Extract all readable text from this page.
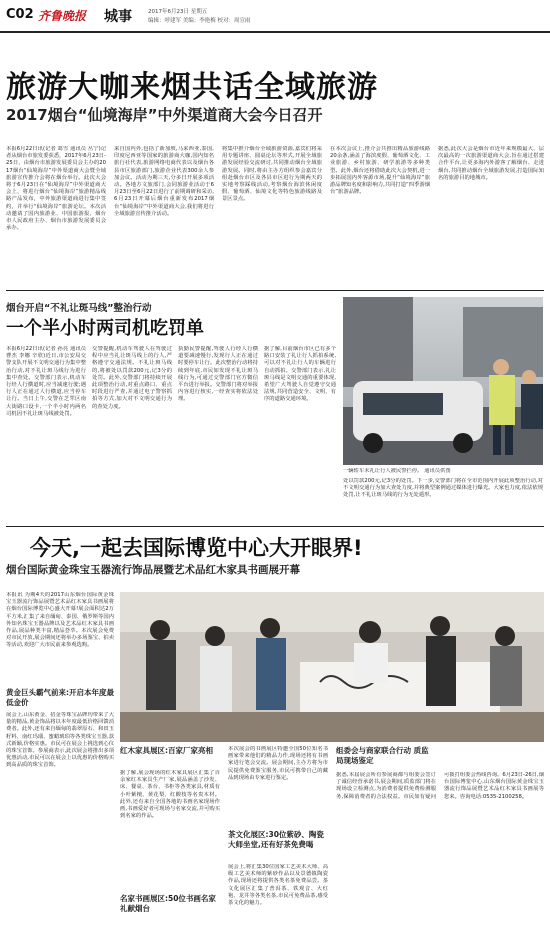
C02 齐鲁晚报 城事	2017年6月23日 星期五
编辑：呼建军 美编：李艳梅 校对：周宣雨
旅游大咖来烟共话全域旅游
2017烟台“仙境海岸”中外渠道商大会今日召开
本报6月22日讯(记者 葛雪 通讯员 丛宁)记者从烟台市旅发委获悉，2017年6月23日-25日，由烟台市旅游发展委员会主办的2017烟台“仙境海岸”中外渠道商大会暨全域旅游宣传推介会将在烟台举行。此次大会将于6月23日在“仙境海岸”中外渠道商大会上，将进行烟台“仙境海岸”旅游精品线路产品发布，中外旅游渠道商进行集中签约，并举行“仙境海岸”旅游论坛。本次活动邀请了国内旅游业、中国旅游报、烟台市人民政府主办、烟台市旅游发展委员会承办。
来自国内外,包括了新加坡,马来西亚,泰国,印度尼西亚等国家的旅游商大咖,国内知名旅行社代表,旅游网络电商代表以及烟台各县市区旅游部门,旅游企业代表300余人参加会议。活动为期三天,分多日开展多项活动。各地方文旅部门,会同旅游业活动于6月23日至6月22日进行了前期调研和采访,6月23日开幕后烟台重新发布2017烟台“仙境海岸”中外渠道商大会,我们将进行全域旅游宣传推介活动。
将集中推介烟台全域旅游资源,嘉宾们将采用专题讲座、圆桌论坛等形式,开展全域旅游发展经验交流研讨,共同推动烟台全域旅游发展。同时,将由主办方组织参会嘉宾分组赴烟台市区及各县市区进行为期两天的实地考察踩线活动,考察烟台海滨休闲度假、葡萄酒、仙境文化等特色旅游线路及景区景点。
在本次会议上,推介会共推出精品旅游线路20余条,涵盖了海滨度假、葡萄酒文化、工业旅游、乡村旅游、研学旅游等多种类型。此外,烟台还将借助此次大会契机,进一步拓展国内外客源市场,提升“仙境海岸”旅游品牌知名度和影响力,共同打造“四季游烟台”旅游品牌。
据悉,此次大会是烟台市近年来规模最大、层次最高的一次旅游渠道商大会,旨在通过搭建合作平台,让更多海内外游客了解烟台、走进烟台,共同推动烟台全域旅游发展,打造国际知名的旅游目的地城市。
烟台开启“不礼让斑马线”整治行动
一个半小时两司机吃罚单
本报6月22日讯(记者 孙亮 通讯员 曹杰 李娜 辛欣)近日,市公安局交警支队开展不文明交通行为集中整治行动,对不礼让斑马线行为进行集中查处。交警部门表示,机动车行经人行横道时,应当减速行驶;遇行人正在通过人行横道,应当停车让行。当日上午,交警在芝罘区南大街路口设卡,一个半小时内两名司机因不礼让斑马线被处罚。
交警提醒,机动车驾驶人在驾驶过程中应当礼让斑马线上的行人,严格遵守交通法规。不礼让斑马线的,将被处以罚款200元,记3分的处罚。此外,交警部门将持续开展此项整治行动,对重点路口、重点时段进行严查,并通过电子警察抓拍等方式,加大对不文明交通行为的查处力度。
执勤民警提醒,驾驶人行经人行横道要减速慢行,发现行人正在通过时要停车让行。此次整治行动将持续到年底,市民如发现不礼让斑马线行为,可通过交警部门官方微信平台进行举报。交警部门将对举报内容进行核实,一经查实将依法处理。
据了解,目前烟台市区已有多个路口安装了礼让行人抓拍系统,可以对不礼让行人的车辆进行自动抓拍。交警部门表示,礼让斑马线是文明交通的重要体现,希望广大驾驶人自觉遵守交通法规,共同营造安全、文明、有序的道路交通环境。
一辆轿车未礼让行人被民警拦停。 通讯员供图
处以罚款200元,记3分的处罚。下一步,交警部门将在全市范围内开展此项整治行动,对不文明交通行为加大查处力度,并将典型案例通过媒体进行曝光。大家也力度,依法依规处罚,让不礼让斑马线的行为无处遁形。
今天,一起去国际博览中心大开眼界!
烟台国际黄金珠宝玉器流行饰品展暨艺术品红木家具书画展开幕
本报讯 为期4天的2017山东烟台国际黄金珠宝玉器流行饰品展暨艺术品红木家具书画展将在烟台国际博览中心盛大开幕!展会面积达2万平方米,汇集了来自缅甸、泰国、俄罗斯等国内外知名珠宝玉器品牌以及艺术品红木家具书画作品,展品种类丰富,精品荟萃。本次展会免费对市民开放,展会期间还将举办多场鉴宝、拍卖等活动,欢迎广大市民前来参观选购。
黄金巨头霸气前来:开启本年度最低金价
展会上,山东黄金、招金等珠宝品牌均带来了大量的精品,黄金饰品将以本年度最低价格回馈消费者。此外,还有来自缅甸的翡翠原石、和田玉籽料、南红玛瑙、蜜蜡琥珀等各类珠宝玉器,款式新颖,价格实惠。市民可在展会上挑选到心仪的珠宝首饰。参展商表示,此次展会将推出多项优惠活动,市民可以在展会上以优惠的价格购买到高品质的珠宝首饰。
红木家具展区:百家厂家亮相
据了解,展会现场的红木家具展区汇集了百余家红木家具生产厂家,展品涵盖了沙发、床、餐桌、茶台、书柜等各类家具,材质有小叶紫檀、黄花梨、红酸枝等名贵木材。此外,还有来自全国各地的书画名家现场作画,书画爱好者可现场与名家交流,并可购买到名家的作品。
名家书画展区:50位书画名家礼献烟台
本次展会的书画展区特邀全国50位知名书画家带来他们的精品力作,现场还将有书画家进行笔会交流。展会期间,主办方将为市民提供免费鉴宝服务,市民可携带自己的藏品到现场由专家进行鉴定。
茶文化展区:30位紫砂、陶瓷大师坐堂,还有好茶免费喝
展会上,将汇集30位国家工艺美术大师、高级工艺美术师的紫砂作品以及景德镇陶瓷作品,现场还将提供各类名茶免费品尝。茶文化展区汇集了普洱茶、铁观音、大红袍、龙井等各类名茶,市民可免费品茶,感受茶文化的魅力。
组委会与商家联合行动 质监局现场鉴定
据悉,本届展会所有参展商都与组委会签订了诚信经营承诺书,展会期间,质监部门将在现场设立检测点,为消费者提供免费检测服务,保障消费者的合法权益。市民如有疑问可拨打组委会热线咨询。6月23日-26日,烟台国际博览中心,山东烟台国际黄金珠宝玉器流行饰品展暨艺术品红木家具书画展等您来。咨询电话:0535-2100258。
